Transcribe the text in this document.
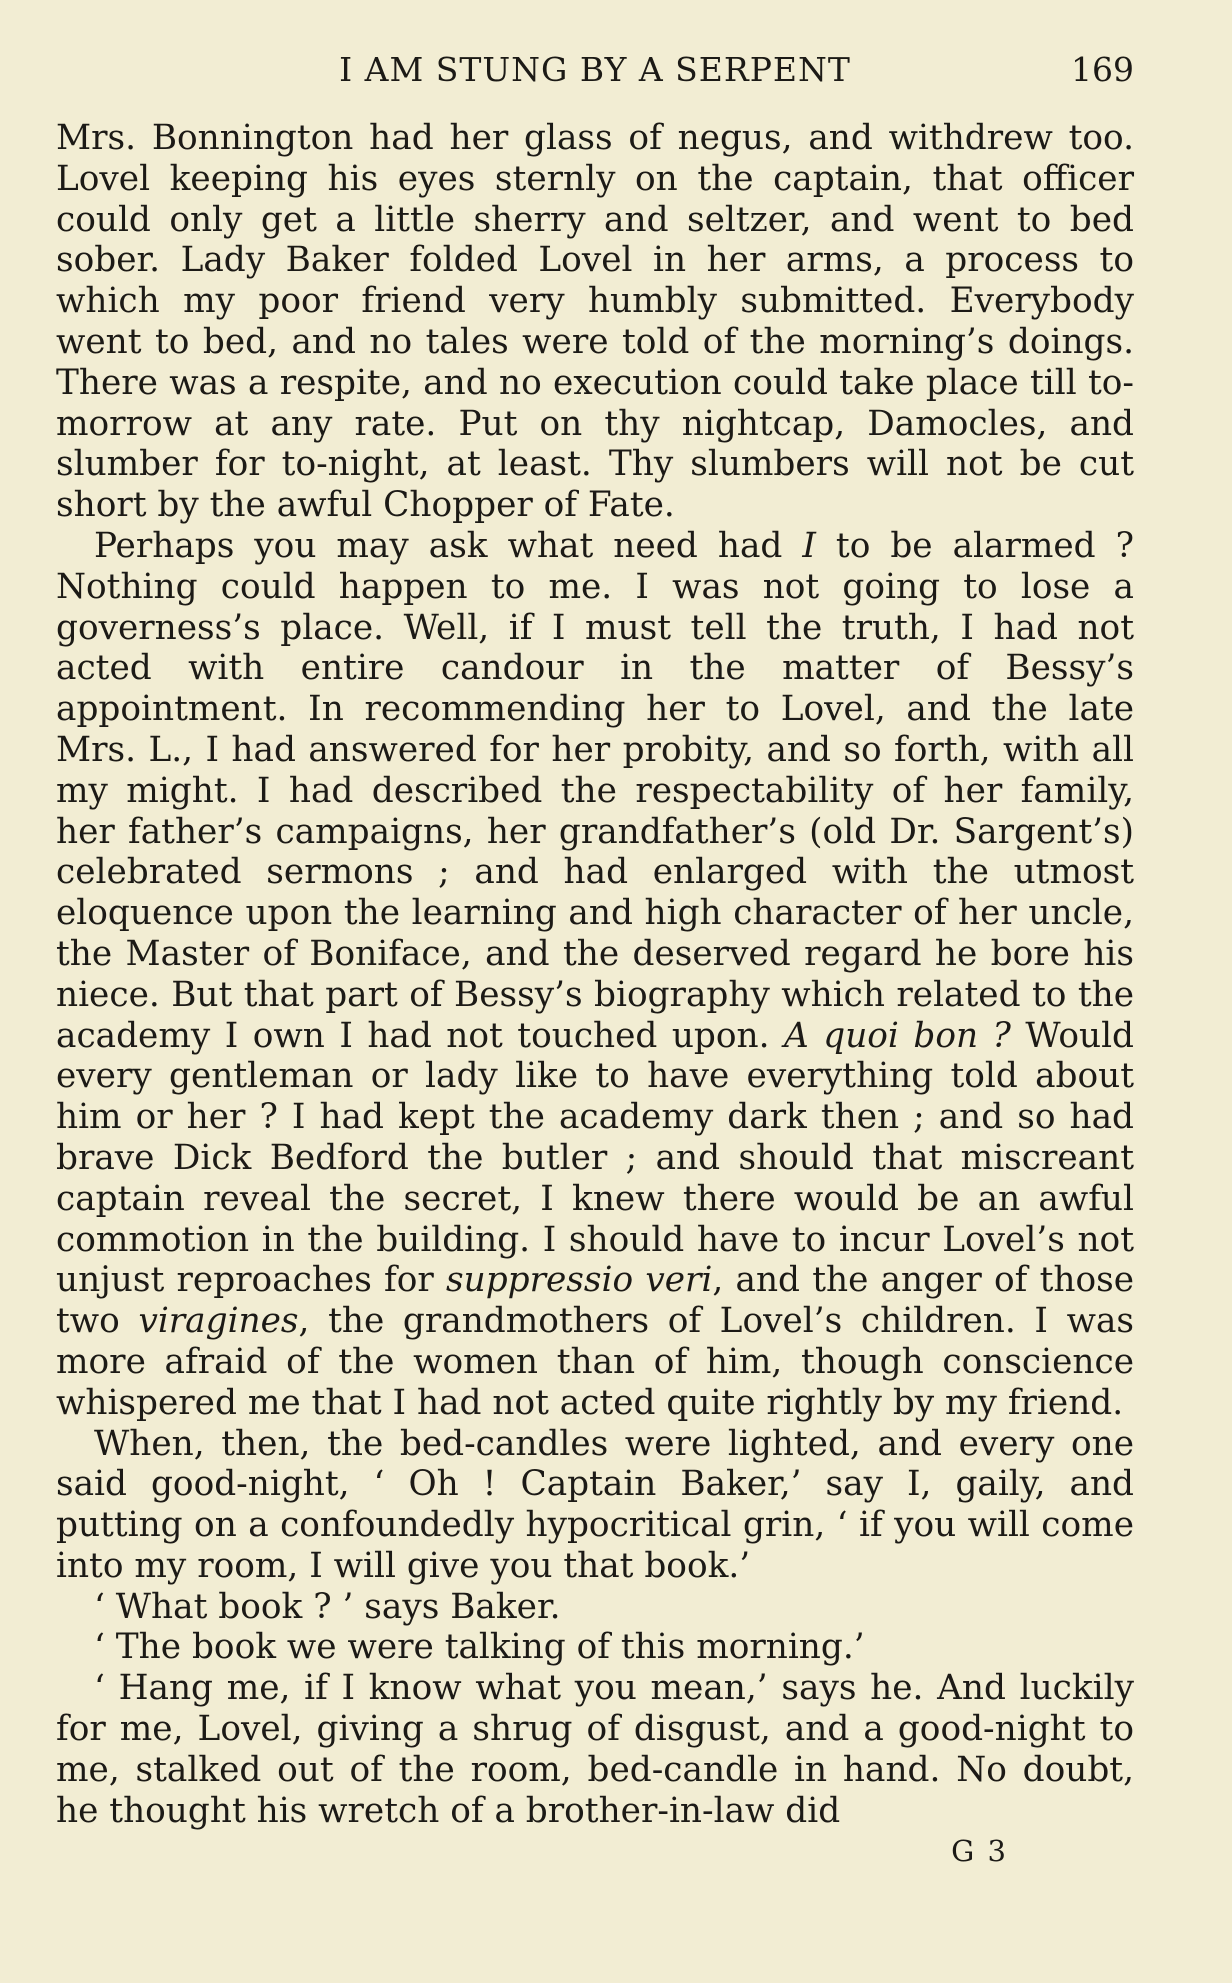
I AM STUNG BY A SERPENT	169

Mrs. Bonnington had her glass of negus, and withdrew too. Lovel keeping his eyes sternly on the captain, that officer could only get a little sherry and seltzer, and went to bed sober. Lady Baker folded Lovel in her arms, a process to which my poor friend very humbly submitted. Everybody went to bed, and no tales were told of the morning’s doings. There was a respite, and no execution could take place till to-morrow at any rate. Put on thy nightcap, Damocles, and slumber for to-night, at least. Thy slumbers will not be cut short by the awful Chopper of Fate.

Perhaps you may ask what need had I to be alarmed ? Nothing could happen to me. I was not going to lose a governess’s place. Well, if I must tell the truth, I had not acted with entire candour in the matter of Bessy’s appointment. In recommending her to Lovel, and the late Mrs. L., I had answered for her probity, and so forth, with all my might. I had described the respectability of her family, her father’s campaigns, her grandfather’s (old Dr. Sargent’s) celebrated sermons ; and had enlarged with the utmost eloquence upon the learning and high character of her uncle, the Master of Boniface, and the deserved regard he bore his niece. But that part of Bessy’s biography which related to the academy I own I had not touched upon. A quoi bon ? Would every gentleman or lady like to have everything told about him or her ? I had kept the academy dark then ; and so had brave Dick Bedford the butler ; and should that miscreant captain reveal the secret, I knew there would be an awful commotion in the building. I should have to incur Lovel’s not unjust reproaches for suppressio veri, and the anger of those two viragines, the grandmothers of Lovel’s children. I was more afraid of the women than of him, though conscience whispered me that I had not acted quite rightly by my friend.

When, then, the bed-candles were lighted, and every one said good-night, ‘ Oh ! Captain Baker,’ say I, gaily, and putting on a confoundedly hypocritical grin, ‘ if you will come into my room, I will give you that book.’

‘ What book ? ’ says Baker.

‘ The book we were talking of this morning.’

‘ Hang me, if I know what you mean,’ says he. And luckily for me, Lovel, giving a shrug of disgust, and a good-night to me, stalked out of the room, bed-candle in hand. No doubt, he thought his wretch of a brother-in-law did

G 3
